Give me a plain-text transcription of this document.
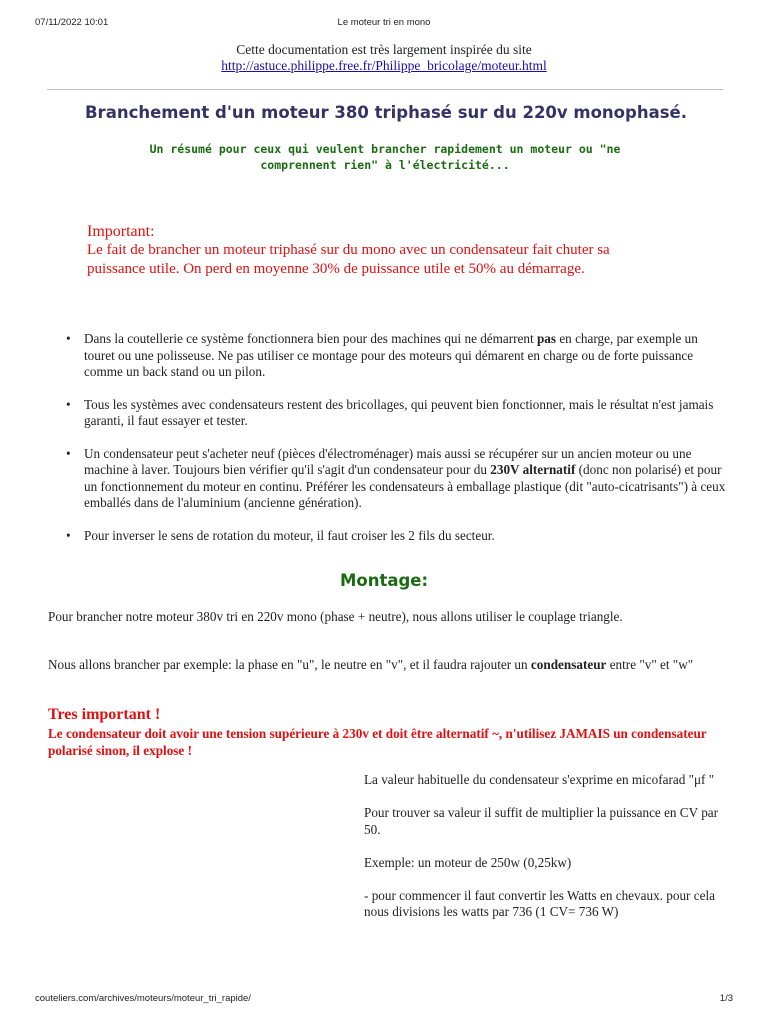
07/11/2022 10:01	Le moteur tri en mono
Cette documentation est très largement inspirée du site
http://astuce.philippe.free.fr/Philippe_bricolage/moteur.html
Branchement d'un moteur 380 triphasé sur du 220v monophasé.
Un résumé pour ceux qui veulent brancher rapidement un moteur ou "ne comprennent rien" à l'électricité...
Important:
Le fait de brancher un moteur triphasé sur du mono avec un condensateur fait chuter sa puissance utile. On perd en moyenne 30% de puissance utile et 50% au démarrage.
• Dans la coutellerie ce système fonctionnera bien pour des machines qui ne démarrent pas en charge, par exemple un touret ou une polisseuse. Ne pas utiliser ce montage pour des moteurs qui démarent en charge ou de forte puissance comme un back stand ou un pilon.
• Tous les systèmes avec condensateurs restent des bricollages, qui peuvent bien fonctionner, mais le résultat n'est jamais garanti, il faut essayer et tester.
• Un condensateur peut s'acheter neuf (pièces d'électroménager) mais aussi se récupérer sur un ancien moteur ou une machine à laver. Toujours bien vérifier qu'il s'agit d'un condensateur pour du 230V alternatif (donc non polarisé) et pour un fonctionnement du moteur en continu. Préférer les condensateurs à emballage plastique (dit "auto-cicatrisants") à ceux emballés dans de l'aluminium (ancienne génération).
• Pour inverser le sens de rotation du moteur, il faut croiser les 2 fils du secteur.
Montage:
Pour brancher notre moteur 380v tri en 220v mono (phase + neutre), nous allons utiliser le couplage triangle.
Nous allons brancher par exemple: la phase en "u", le neutre en "v", et il faudra rajouter un condensateur entre "v" et "w"
Tres important !
Le condensateur doit avoir une tension supérieure à 230v et doit être alternatif ~, n'utilisez JAMAIS un condensateur polarisé sinon, il explose !

La valeur habituelle du condensateur s'exprime en micofarad "μf "

Pour trouver sa valeur il suffit de multiplier la puissance en CV par 50.

Exemple: un moteur de 250w (0,25kw)

- pour commencer il faut convertir les Watts en chevaux. pour cela nous divisions les watts par 736 (1 CV= 736 W)

couteliers.com/archives/moteurs/moteur_tri_rapide/	1/3
